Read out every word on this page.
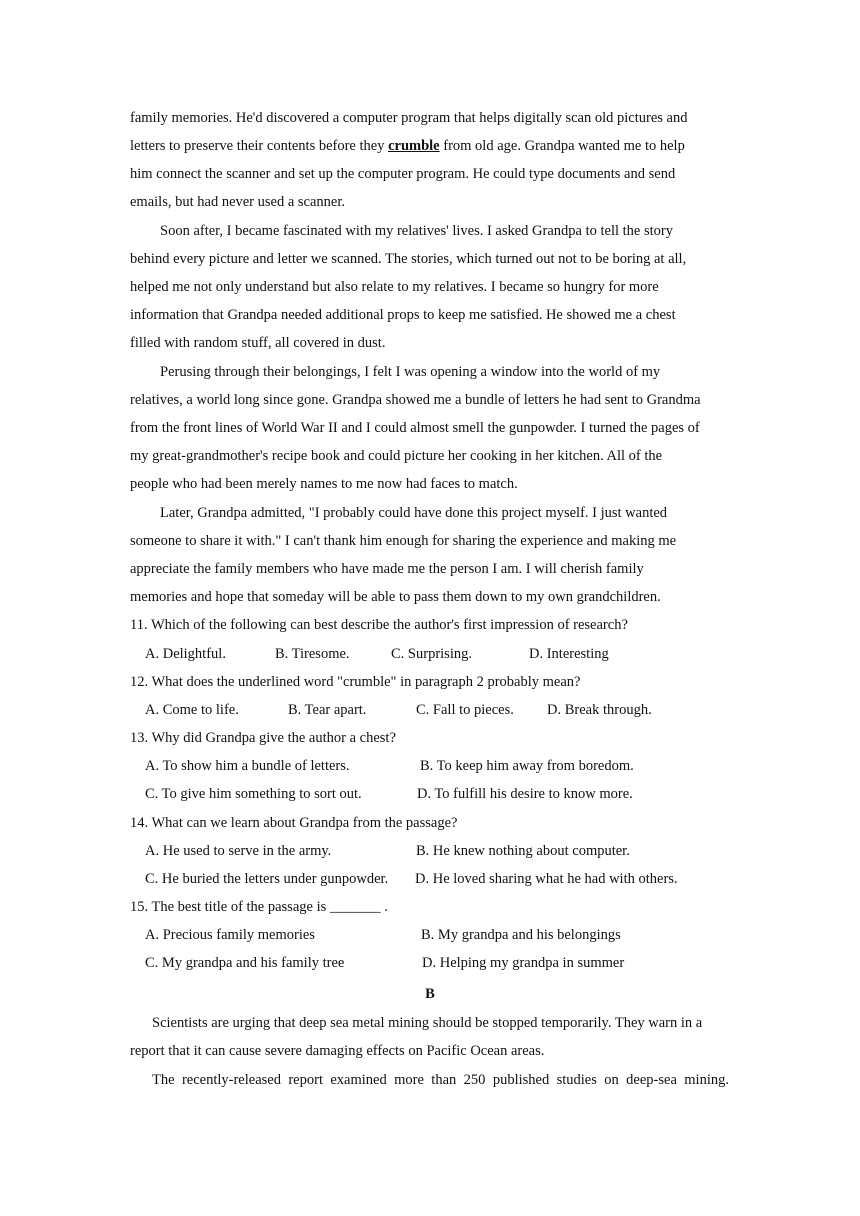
family memories. He'd discovered a computer program that helps digitally scan old pictures and
letters to preserve their contents before they crumble from old age. Grandpa wanted me to help
him connect the scanner and set up the computer program. He could type documents and send
emails, but had never used a scanner.
Soon after, I became fascinated with my relatives' lives. I asked Grandpa to tell the story
behind every picture and letter we scanned. The stories, which turned out not to be boring at all,
helped me not only understand but also relate to my relatives. I became so hungry for more
information that Grandpa needed additional props to keep me satisfied. He showed me a chest
filled with random stuff, all covered in dust.
Perusing through their belongings, I felt I was opening a window into the world of my
relatives, a world long since gone. Grandpa showed me a bundle of letters he had sent to Grandma
from the front lines of World War II and I could almost smell the gunpowder. I turned the pages of
my great-grandmother's recipe book and could picture her cooking in her kitchen. All of the
people who had been merely names to me now had faces to match.
Later, Grandpa admitted, "I probably could have done this project myself. I just wanted
someone to share it with." I can't thank him enough for sharing the experience and making me
appreciate the family members who have made me the person I am. I will cherish family
memories and hope that someday will be able to pass them down to my own grandchildren.
11. Which of the following can best describe the author's first impression of research?
A. Delightful.	B. Tiresome.	C. Surprising.	D. Interesting
12. What does the underlined word "crumble" in paragraph 2 probably mean?
A. Come to life.	B. Tear apart.	C. Fall to pieces. D. Break through.
13. Why did Grandpa give the author a chest?
A. To show him a bundle of letters.	B. To keep him away from boredom.
C. To give him something to sort out.	D. To fulfill his desire to know more.
14. What can we learn about Grandpa from the passage?
A. He used to serve in the army.	B. He knew nothing about computer.
C. He buried the letters under gunpowder. D. He loved sharing what he had with others.
15. The best title of the passage is _______ .
A. Precious family memories	B. My grandpa and his belongings
C. My grandpa and his family tree	D. Helping my grandpa in summer
B
Scientists are urging that deep sea metal mining should be stopped temporarily. They warn in a
report that it can cause severe damaging effects on Pacific Ocean areas.
The recently-released report examined more than 250 published studies on deep-sea mining.
